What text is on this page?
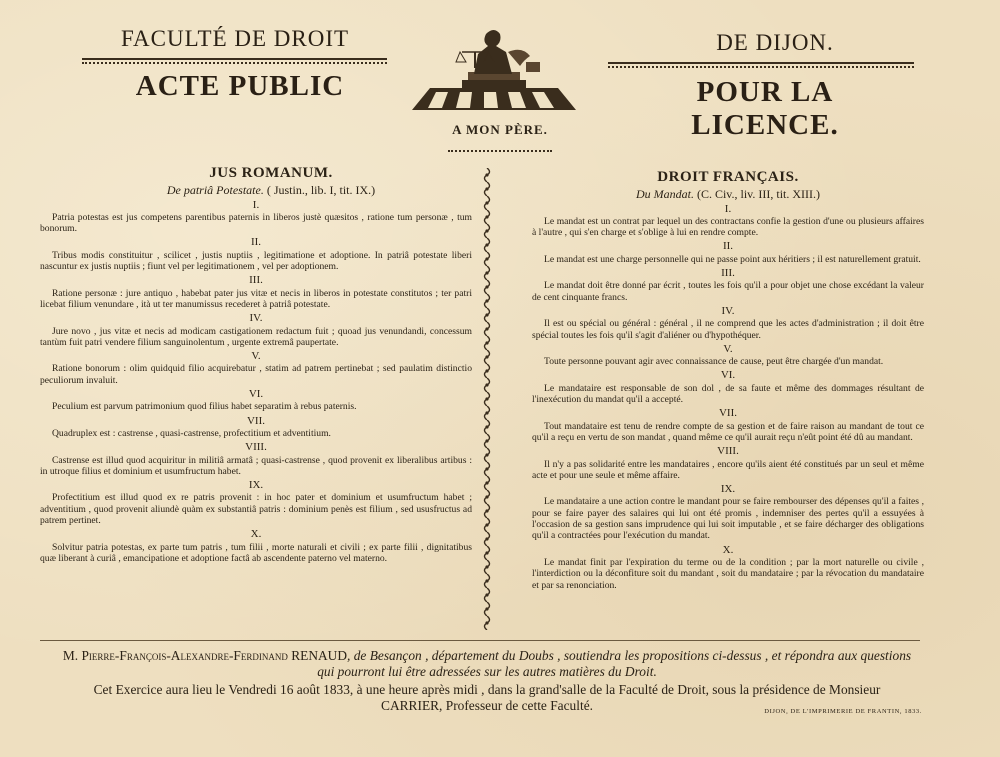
FACULTÉ DE DROIT	DE DIJON.
ACTE PUBLIC	POUR LA LICENCE.
A MON PÈRE.
JUS ROMANUM.
De patriâ Potestate. ( Justin., lib. I, tit. IX.)
I.
Patria potestas est jus competens parentibus paternis in liberos justè quæsitos , ratione tum personæ , tum bonorum.
II.
Tribus modis constituitur , scilicet , justis nuptiis , legitimatione et adoptione. In patriâ potestate liberi nascuntur ex justis nuptiis ; fiunt vel per legitimationem , vel per adoptionem.
III.
Ratione personæ : jure antiquo , habebat pater jus vitæ et necis in liberos in potestate constitutos ; ter patri licebat filium venundare , ità ut ter manumissus recederet à patriâ potestate.
IV.
Jure novo , jus vitæ et necis ad modicam castigationem redactum fuit ; quoad jus venundandi, concessum tantùm fuit patri vendere filium sanguinolentum , urgente extremâ paupertate.
V.
Ratione bonorum : olim quidquid filio acquirebatur , statim ad patrem pertinebat ; sed paulatim distinctio peculiorum invaluit.
VI.
Peculium est parvum patrimonium quod filius habet separatim à rebus paternis.
VII.
Quadruplex est : castrense , quasi-castrense, profectitium et adventitium.
VIII.
Castrense est illud quod acquiritur in militiâ armatâ ; quasi-castrense , quod provenit ex liberalibus artibus : in utroque filius et dominium et usumfructum habet.
IX.
Profectitium est illud quod ex re patris provenit : in hoc pater et dominium et usumfructum habet ; adventitium , quod provenit aliundè quàm ex substantiâ patris : dominium penès est filium , sed ususfructus ad patrem pertinet.
X.
Solvitur patria potestas, ex parte tum patris , tum filii , morte naturali et civili ; ex parte filii , dignitatibus quæ liberant à curiâ , emancipatione et adoptione factâ ab ascendente paterno vel materno.
DROIT FRANÇAIS.
Du Mandat. (C. Civ., liv. III, tit. XIII.)
I.
Le mandat est un contrat par lequel un des contractans confie la gestion d'une ou plusieurs affaires à l'autre , qui s'en charge et s'oblige à lui en rendre compte.
II.
Le mandat est une charge personnelle qui ne passe point aux héritiers ; il est naturellement gratuit.
III.
Le mandat doit être donné par écrit , toutes les fois qu'il a pour objet une chose excédant la valeur de cent cinquante francs.
IV.
Il est ou spécial ou général : général , il ne comprend que les actes d'administration ; il doit être spécial toutes les fois qu'il s'agit d'aliéner ou d'hypothéquer.
V.
Toute personne pouvant agir avec connaissance de cause, peut être chargée d'un mandat.
VI.
Le mandataire est responsable de son dol , de sa faute et même des dommages résultant de l'inexécution du mandat qu'il a accepté.
VII.
Tout mandataire est tenu de rendre compte de sa gestion et de faire raison au mandant de tout ce qu'il a reçu en vertu de son mandat , quand même ce qu'il aurait reçu n'eût point été dû au mandant.
VIII.
Il n'y a pas solidarité entre les mandataires , encore qu'ils aient été constitués par un seul et même acte et pour une seule et même affaire.
IX.
Le mandataire a une action contre le mandant pour se faire rembourser des dépenses qu'il a faites , pour se faire payer des salaires qui lui ont été promis , indemniser des pertes qu'il a essuyées à l'occasion de sa gestion sans imprudence qui lui soit imputable , et se faire décharger des obligations qu'il a contractées pour l'exécution du mandat.
X.
Le mandat finit par l'expiration du terme ou de la condition ; par la mort naturelle ou civile , l'interdiction ou la déconfiture soit du mandant , soit du mandataire ; par la révocation du mandataire et par sa renonciation.
M. Pierre-François-Alexandre-Ferdinand RENAUD, de Besançon , département du Doubs , soutiendra les propositions ci-dessus , et répondra aux questions qui pourront lui être adressées sur les autres matières du Droit.
Cet Exercice aura lieu le Vendredi 16 août 1833, à une heure après midi , dans la grand'salle de la Faculté de Droit, sous la présidence de Monsieur CARRIER, Professeur de cette Faculté.	DIJON, DE L'IMPRIMERIE DE FRANTIN, 1833.
